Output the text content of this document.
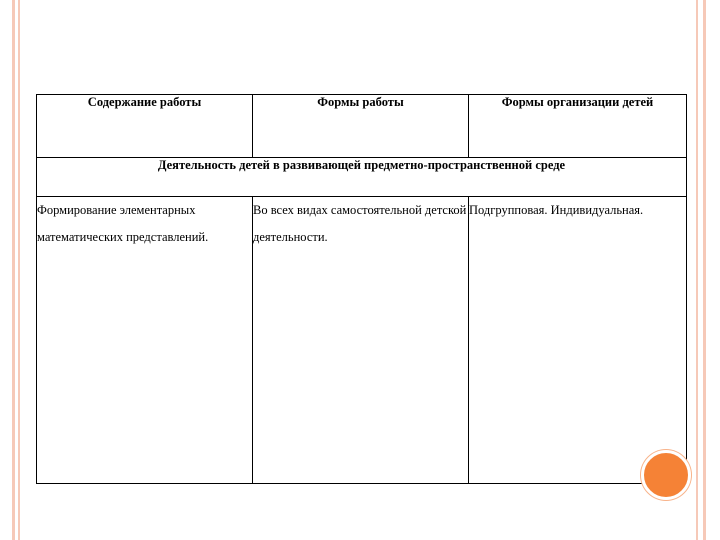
Содержание работы	Формы работы	Формы организации детей
Деятельность детей в развивающей предметно-пространственной среде		
Формирование элементарных математических представлений.	Во всех видах самостоятельной детской деятельности.	Подгрупповая. Индивидуальная.
